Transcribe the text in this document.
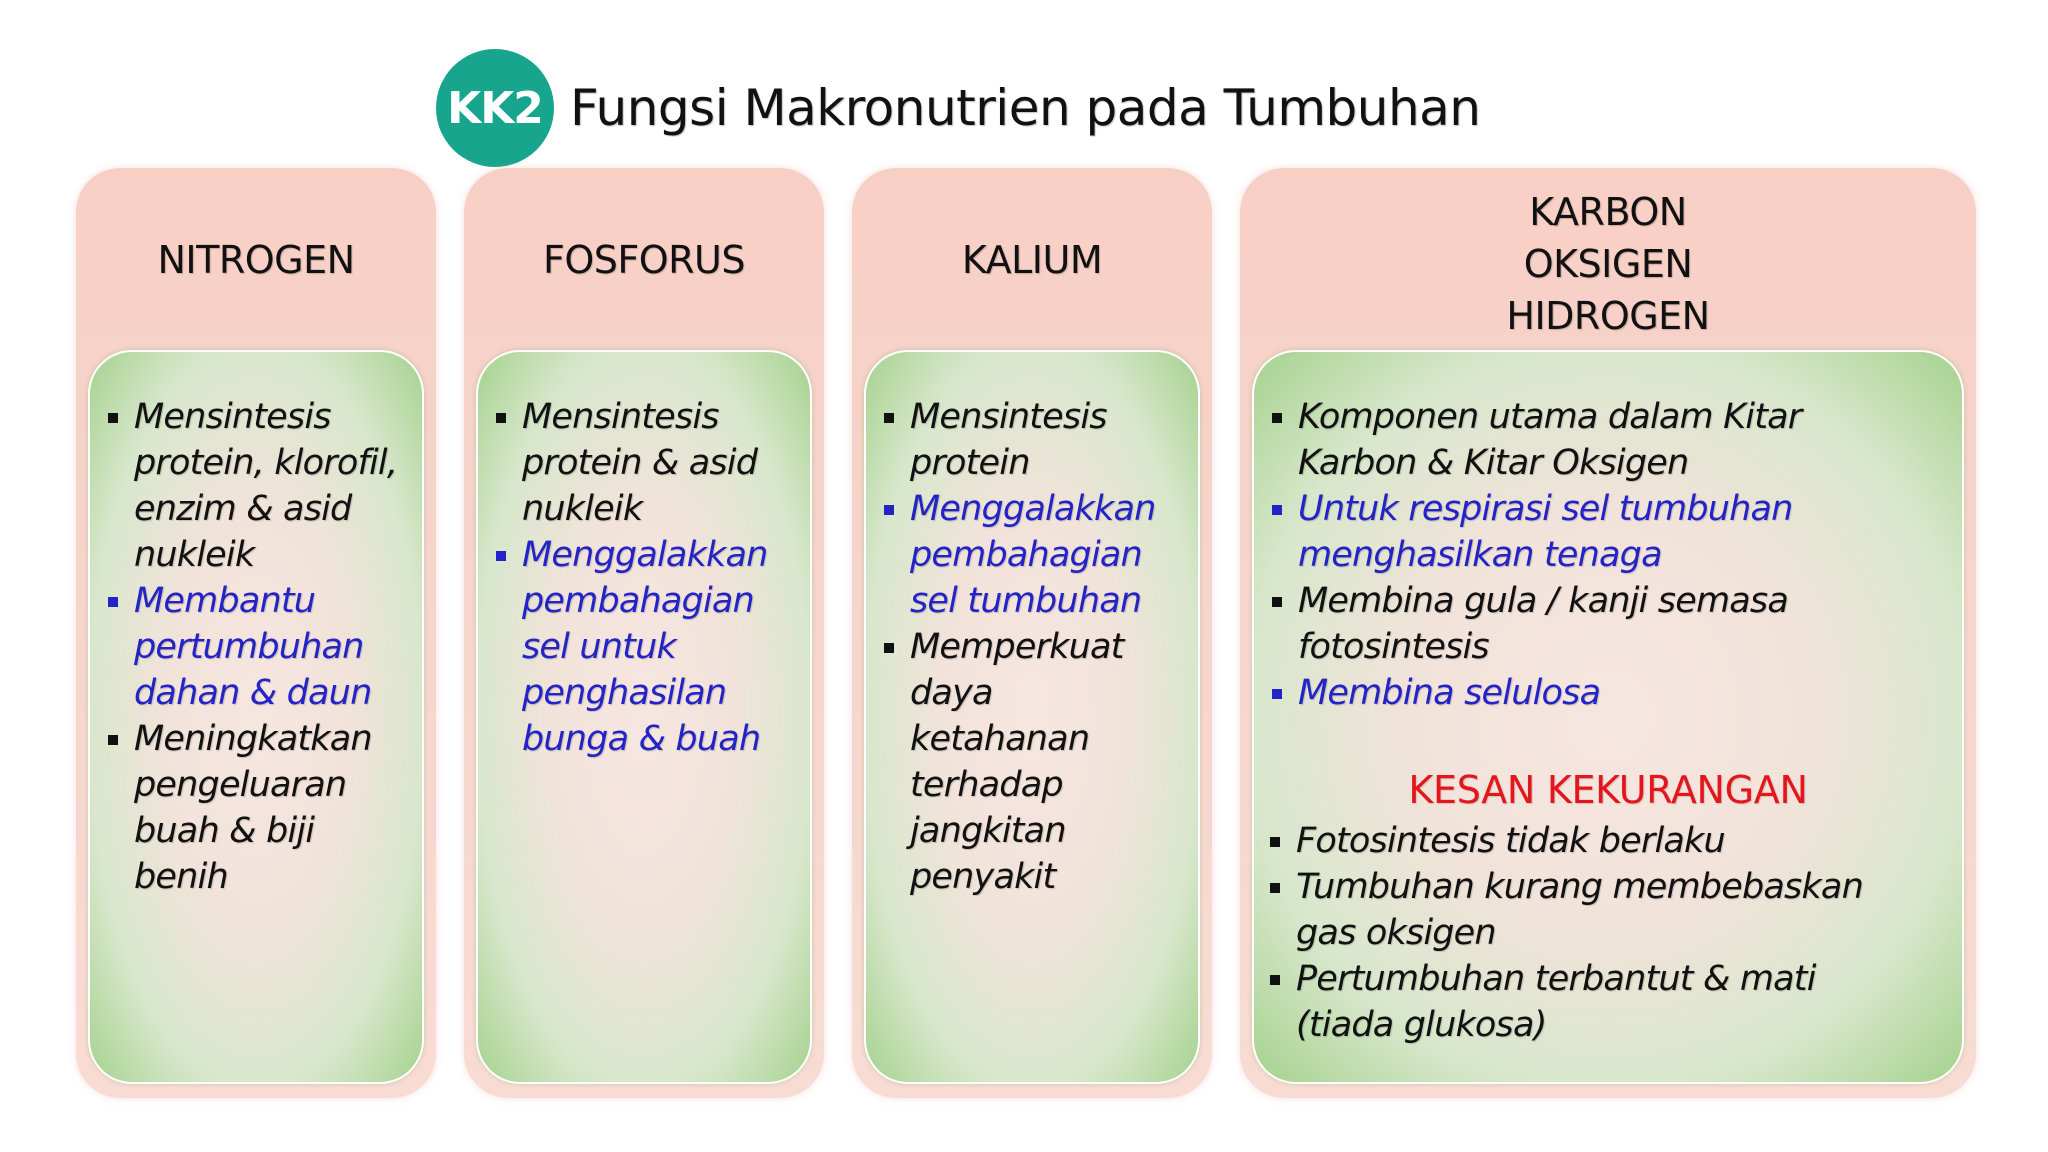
KK2 Fungsi Makronutrien pada Tumbuhan
NITROGEN
Mensintesis
protein, klorofil,
enzim & asid
nukleik
Membantu
pertumbuhan
dahan & daun
Meningkatkan
pengeluaran
buah & biji
benih
FOSFORUS
Mensintesis
protein & asid
nukleik
Menggalakkan
pembahagian
sel untuk
penghasilan
bunga & buah
KALIUM
Mensintesis
protein
Menggalakkan
pembahagian
sel tumbuhan
Memperkuat
daya
ketahanan
terhadap
jangkitan
penyakit
KARBON
OKSIGEN
HIDROGEN
Komponen utama dalam Kitar
Karbon & Kitar Oksigen
Untuk respirasi sel tumbuhan
menghasilkan tenaga
Membina gula / kanji semasa
fotosintesis
Membina selulosa
KESAN KEKURANGAN
Fotosintesis tidak berlaku
Tumbuhan kurang membebaskan
gas oksigen
Pertumbuhan terbantut & mati
(tiada glukosa)
